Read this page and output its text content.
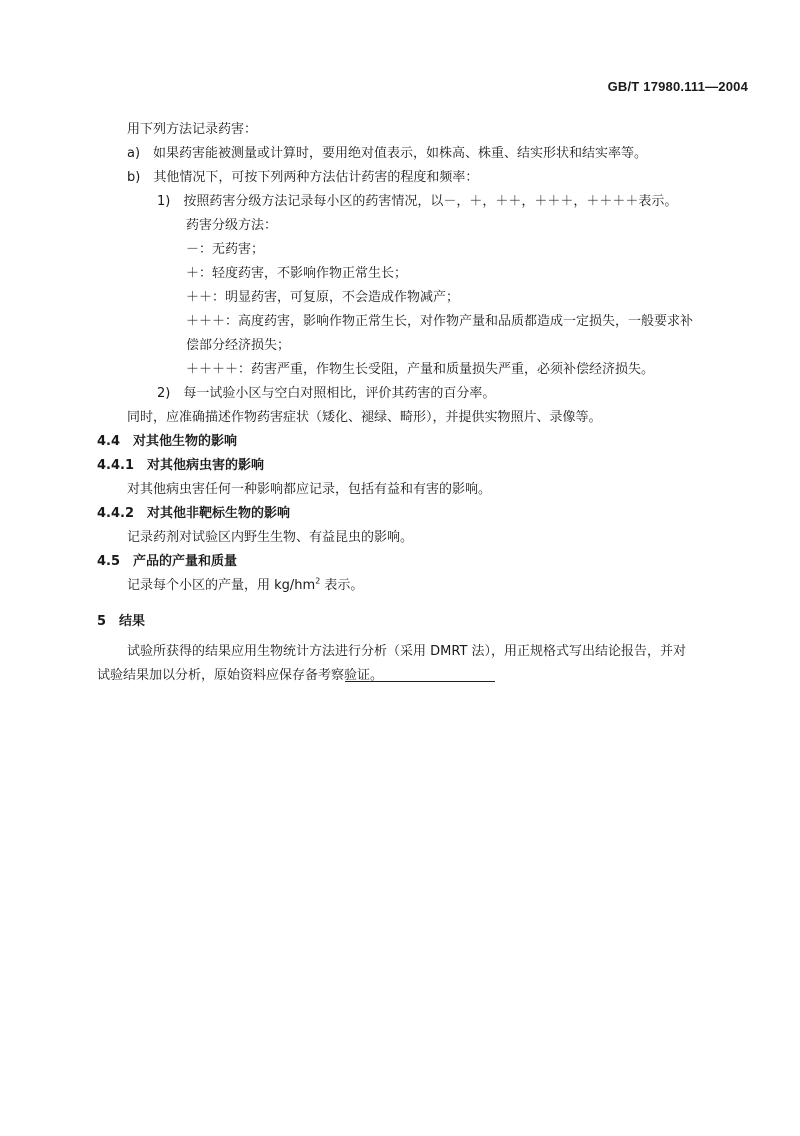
GB/T 17980.111—2004
用下列方法记录药害：
a)　如果药害能被测量或计算时，要用绝对值表示，如株高、株重、结实形状和结实率等。
b)　其他情况下，可按下列两种方法估计药害的程度和频率：
1)　按照药害分级方法记录每小区的药害情况，以－，＋，＋＋，＋＋＋，＋＋＋＋表示。
药害分级方法：
－：无药害；
＋：轻度药害，不影响作物正常生长；
＋＋：明显药害，可复原，不会造成作物减产；
＋＋＋：高度药害，影响作物正常生长，对作物产量和品质都造成一定损失，一般要求补
偿部分经济损失；
＋＋＋＋：药害严重，作物生长受阻，产量和质量损失严重，必须补偿经济损失。
2)　每一试验小区与空白对照相比，评价其药害的百分率。
同时，应准确描述作物药害症状（矮化、褪绿、畸形），并提供实物照片、录像等。
4.4　对其他生物的影响
4.4.1　对其他病虫害的影响
对其他病虫害任何一种影响都应记录，包括有益和有害的影响。
4.4.2　对其他非靶标生物的影响
记录药剂对试验区内野生生物、有益昆虫的影响。
4.5　产品的产量和质量
记录每个小区的产量，用 $kg/hm^2$ 表示。
5　结果
试验所获得的结果应用生物统计方法进行分析（采用 DMRT 法），用正规格式写出结论报告，并对
试验结果加以分析，原始资料应保存备考察验证。
